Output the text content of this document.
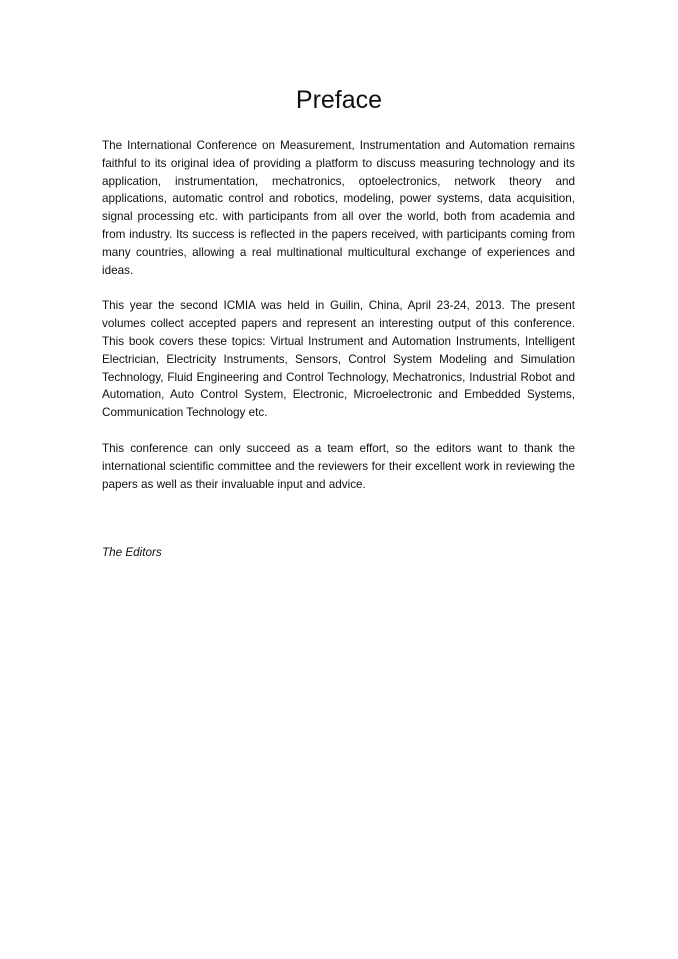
Preface

The International Conference on Measurement, Instrumentation and Automation remains faithful to its original idea of providing a platform to discuss measuring technology and its application, instrumentation, mechatronics, optoelectronics, network theory and applications, automatic control and robotics, modeling, power systems, data acquisition, signal processing etc. with participants from all over the world, both from academia and from industry. Its success is reflected in the papers received, with participants coming from many countries, allowing a real multinational multicultural exchange of experiences and ideas.

This year the second ICMIA was held in Guilin, China, April 23-24, 2013. The present volumes collect accepted papers and represent an interesting output of this conference. This book covers these topics: Virtual Instrument and Automation Instruments, Intelligent Electrician, Electricity Instruments, Sensors, Control System Modeling and Simulation Technology, Fluid Engineering and Control Technology, Mechatronics, Industrial Robot and Automation, Auto Control System, Electronic, Microelectronic and Embedded Systems, Communication Technology etc.

This conference can only succeed as a team effort, so the editors want to thank the international scientific committee and the reviewers for their excellent work in reviewing the papers as well as their invaluable input and advice.

The Editors
